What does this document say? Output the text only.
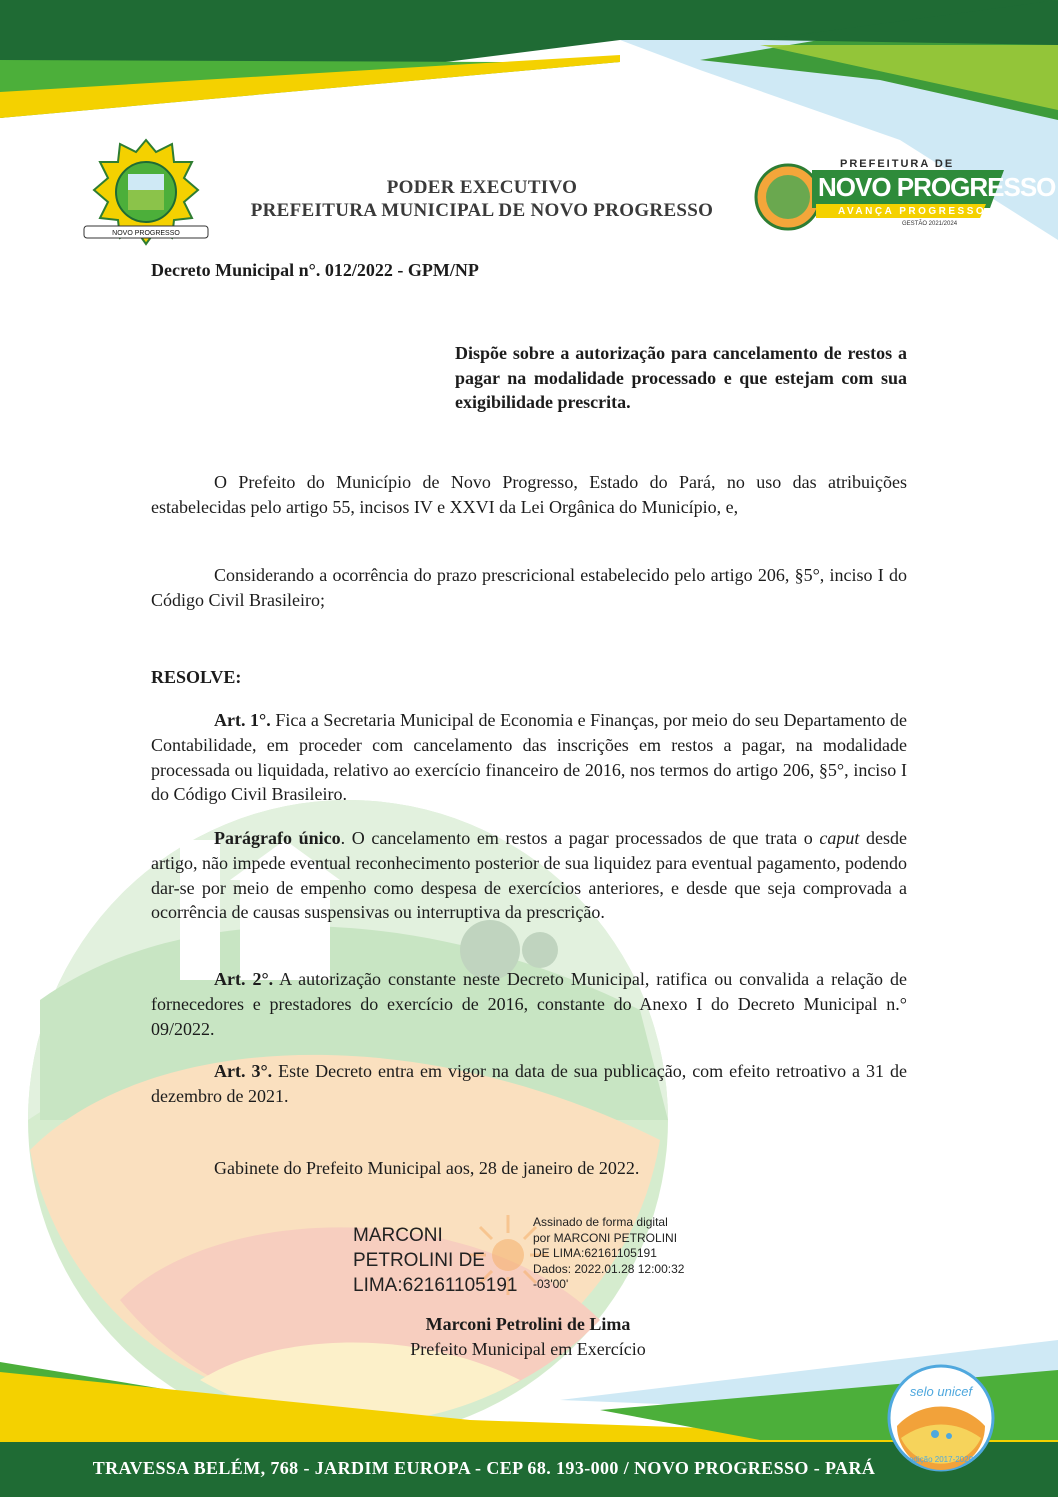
NOVO PROGRESSO
selo unicef
edição 2017-2020
PODER EXECUTIVO
PREFEITURA MUNICIPAL DE NOVO PROGRESSO
PREFEITURA DE
NOVO PROGRESSO
AVANÇA PROGRESSO
GESTÃO 2021/2024
Decreto Municipal n°. 012/2022 - GPM/NP
Dispõe sobre a autorização para cancelamento de restos a pagar na modalidade processado e que estejam com sua exigibilidade prescrita.
O Prefeito do Município de Novo Progresso, Estado do Pará, no uso das atribuições estabelecidas pelo artigo 55, incisos IV e XXVI da Lei Orgânica do Município, e,
Considerando a ocorrência do prazo prescricional estabelecido pelo artigo 206, §5°, inciso I do Código Civil Brasileiro;
RESOLVE:
Art. 1°. Fica a Secretaria Municipal de Economia e Finanças, por meio do seu Departamento de Contabilidade, em proceder com cancelamento das inscrições em restos a pagar, na modalidade processada ou liquidada, relativo ao exercício financeiro de 2016, nos termos do artigo 206, §5°, inciso I do Código Civil Brasileiro.
Parágrafo único. O cancelamento em restos a pagar processados de que trata o caput desde artigo, não impede eventual reconhecimento posterior de sua liquidez para eventual pagamento, podendo dar-se por meio de empenho como despesa de exercícios anteriores, e desde que seja comprovada a ocorrência de causas suspensivas ou interruptiva da prescrição.
Art. 2°. A autorização constante neste Decreto Municipal, ratifica ou convalida a relação de fornecedores e prestadores do exercício de 2016, constante do Anexo I do Decreto Municipal n.° 09/2022.
Art. 3°. Este Decreto entra em vigor na data de sua publicação, com efeito retroativo a 31 de dezembro de 2021.
Gabinete do Prefeito Municipal aos, 28 de janeiro de 2022.
MARCONI
PETROLINI DE
LIMA:62161105191
Assinado de forma digital
por MARCONI PETROLINI
DE LIMA:62161105191
Dados: 2022.01.28 12:00:32
-03'00'
Marconi Petrolini de Lima
Prefeito Municipal em Exercício
TRAVESSA BELÉM, 768 - JARDIM EUROPA - CEP 68. 193-000 / NOVO PROGRESSO - PARÁ
